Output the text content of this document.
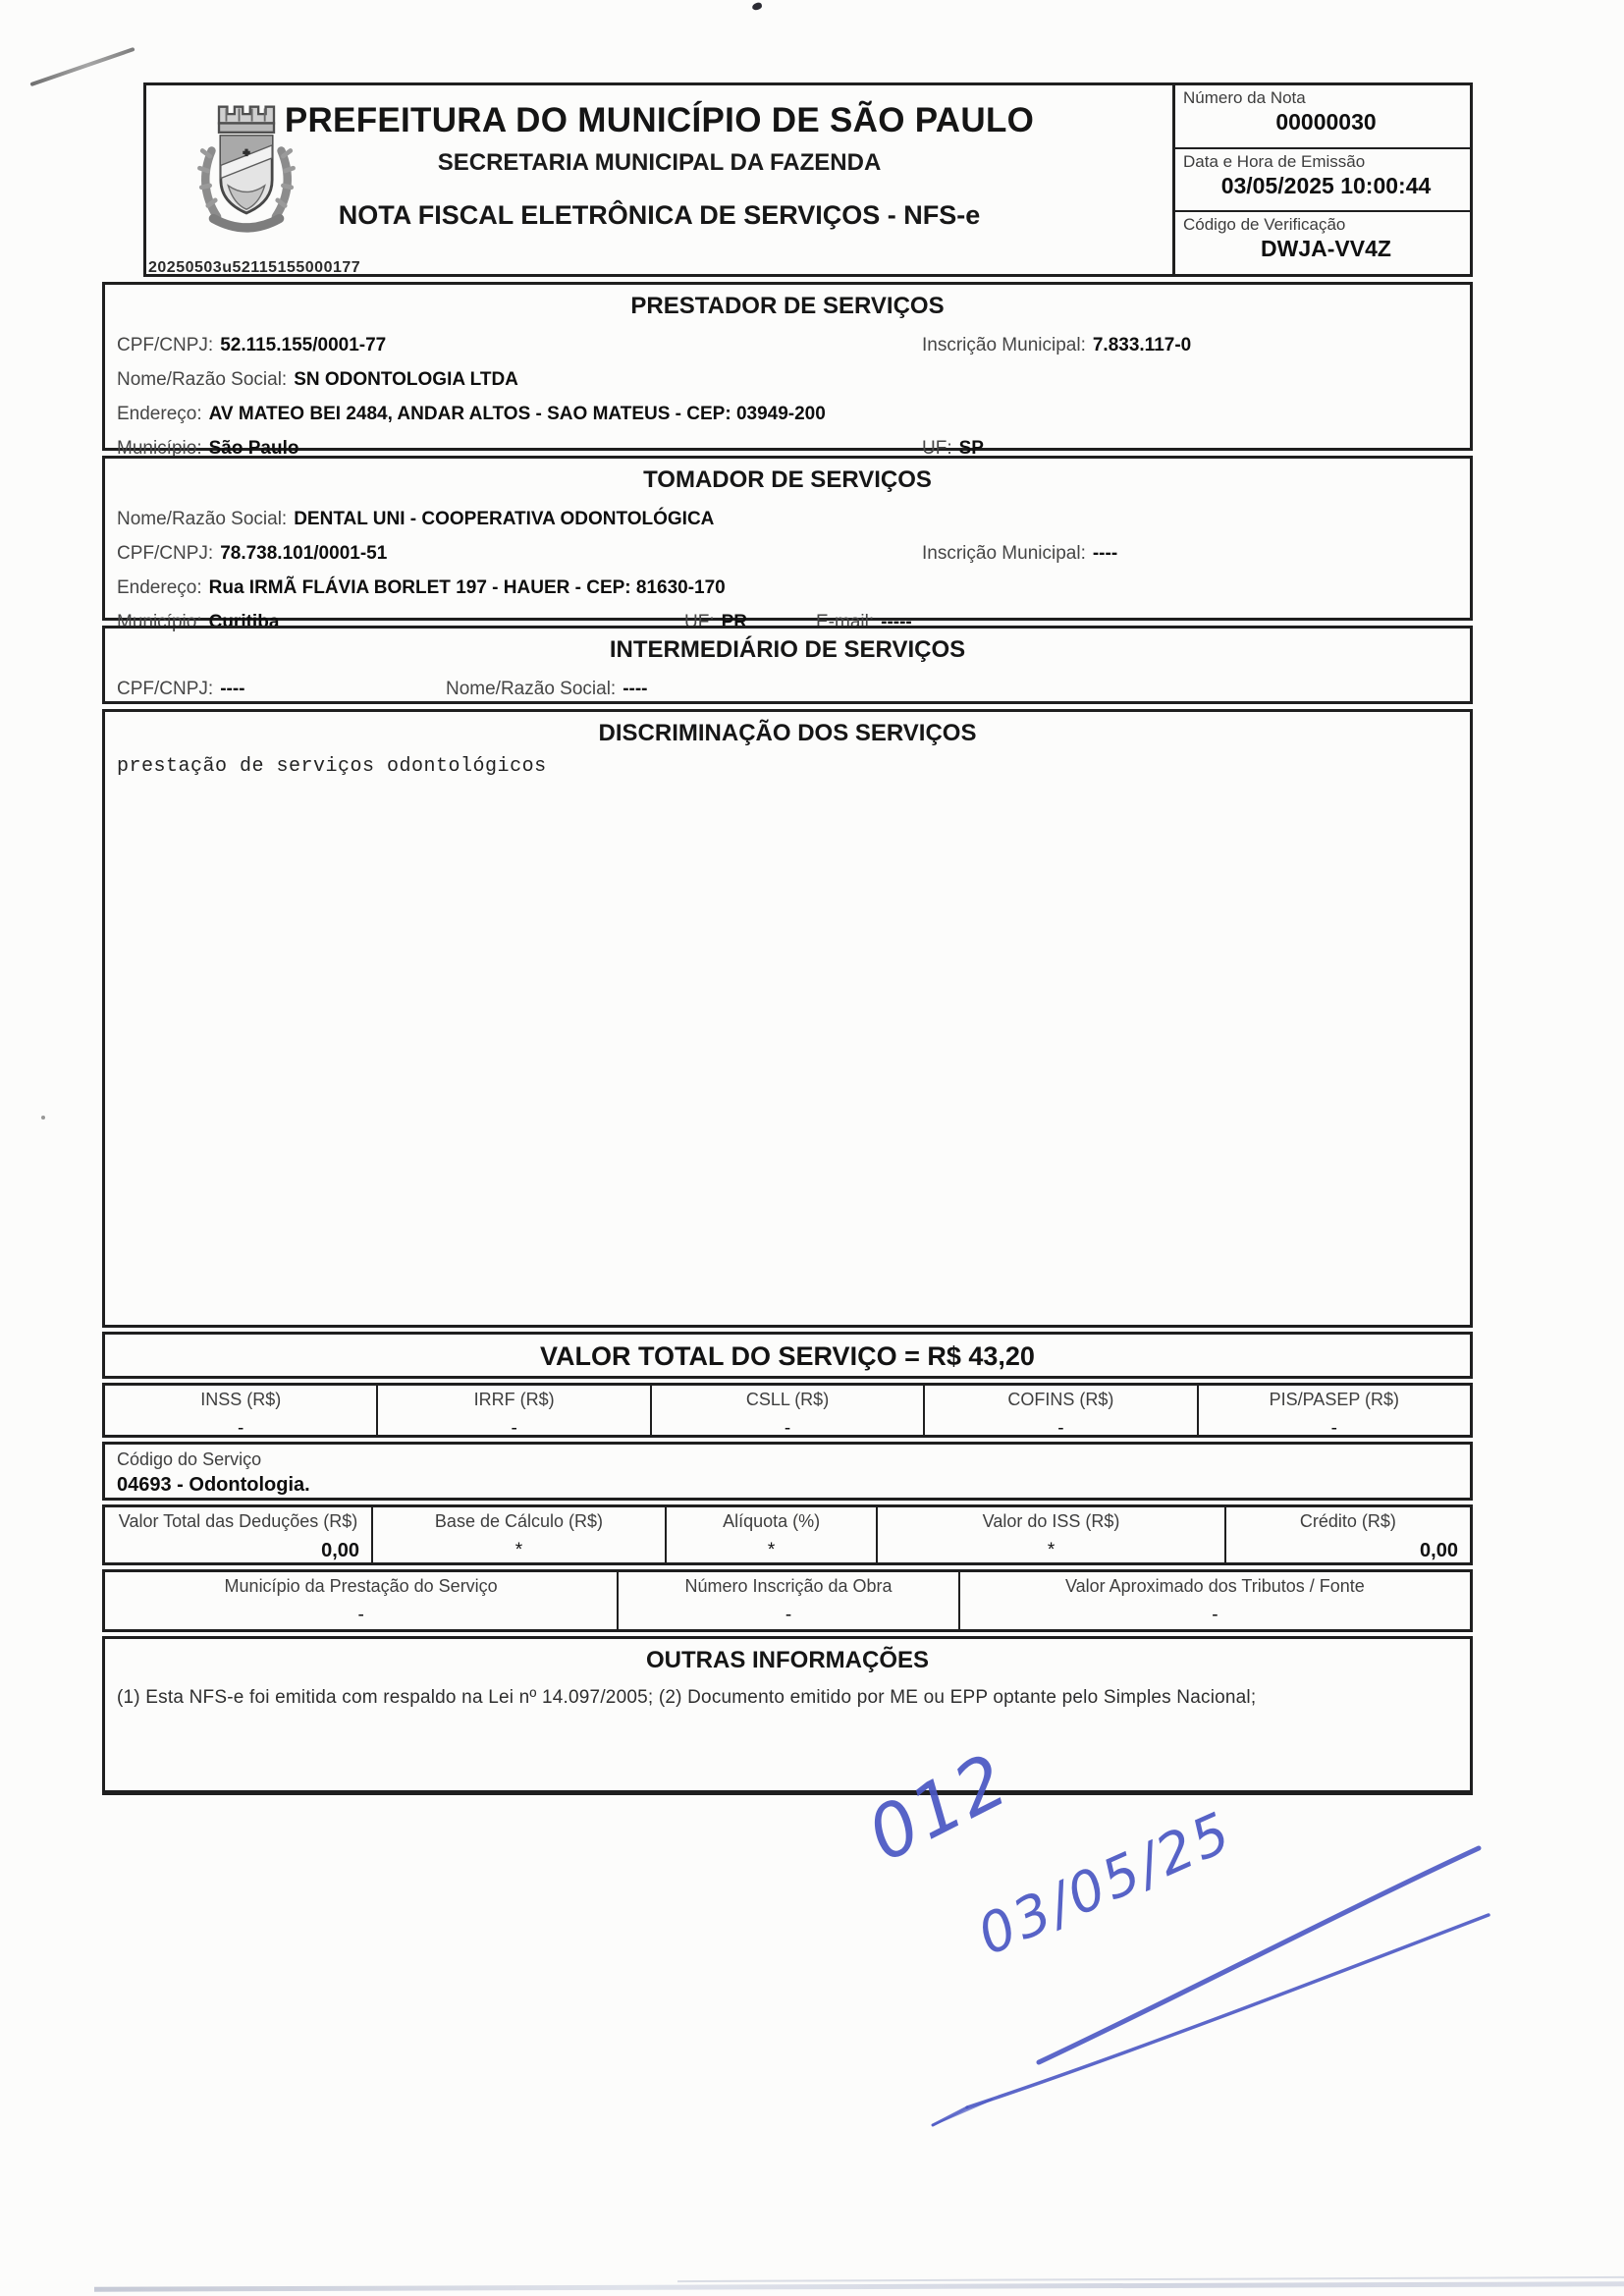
PREFEITURA DO MUNICÍPIO DE SÃO PAULO
SECRETARIA MUNICIPAL DA FAZENDA
NOTA FISCAL ELETRÔNICA DE SERVIÇOS - NFS-e
20250503u52115155000177
Número da Nota
00000030
Data e Hora de Emissão
03/05/2025 10:00:44
Código de Verificação
DWJA-VV4Z
PRESTADOR DE SERVIÇOS
CPF/CNPJ: 52.115.155/0001-77	Inscrição Municipal: 7.833.117-0
Nome/Razão Social: SN ODONTOLOGIA LTDA
Endereço: AV MATEO BEI 2484, ANDAR ALTOS - SAO MATEUS - CEP: 03949-200
Município: São Paulo	UF: SP
TOMADOR DE SERVIÇOS
Nome/Razão Social: DENTAL UNI - COOPERATIVA ODONTOLÓGICA
CPF/CNPJ: 78.738.101/0001-51	Inscrição Municipal: ----
Endereço: Rua IRMÃ FLÁVIA BORLET 197 - HAUER - CEP: 81630-170
Município: Curitiba	UF: PR	E-mail: -----
INTERMEDIÁRIO DE SERVIÇOS
CPF/CNPJ: ----	Nome/Razão Social: ----
DISCRIMINAÇÃO DOS SERVIÇOS
prestação de serviços odontológicos
VALOR TOTAL DO SERVIÇO = R$ 43,20
INSS (R$)
-
IRRF (R$)
-
CSLL (R$)
-
COFINS (R$)
-
PIS/PASEP (R$)
-
Código do Serviço
04693 - Odontologia.
Valor Total das Deduções (R$)
0,00
Base de Cálculo (R$)
*
Alíquota (%)
*
Valor do ISS (R$)
*
Crédito (R$)
0,00
Município da Prestação do Serviço
-
Número Inscrição da Obra
-
Valor Aproximado dos Tributos / Fonte
-
OUTRAS INFORMAÇÕES
(1) Esta NFS-e foi emitida com respaldo na Lei nº 14.097/2005; (2) Documento emitido por ME ou EPP optante pelo Simples Nacional;
012
03/05/25
